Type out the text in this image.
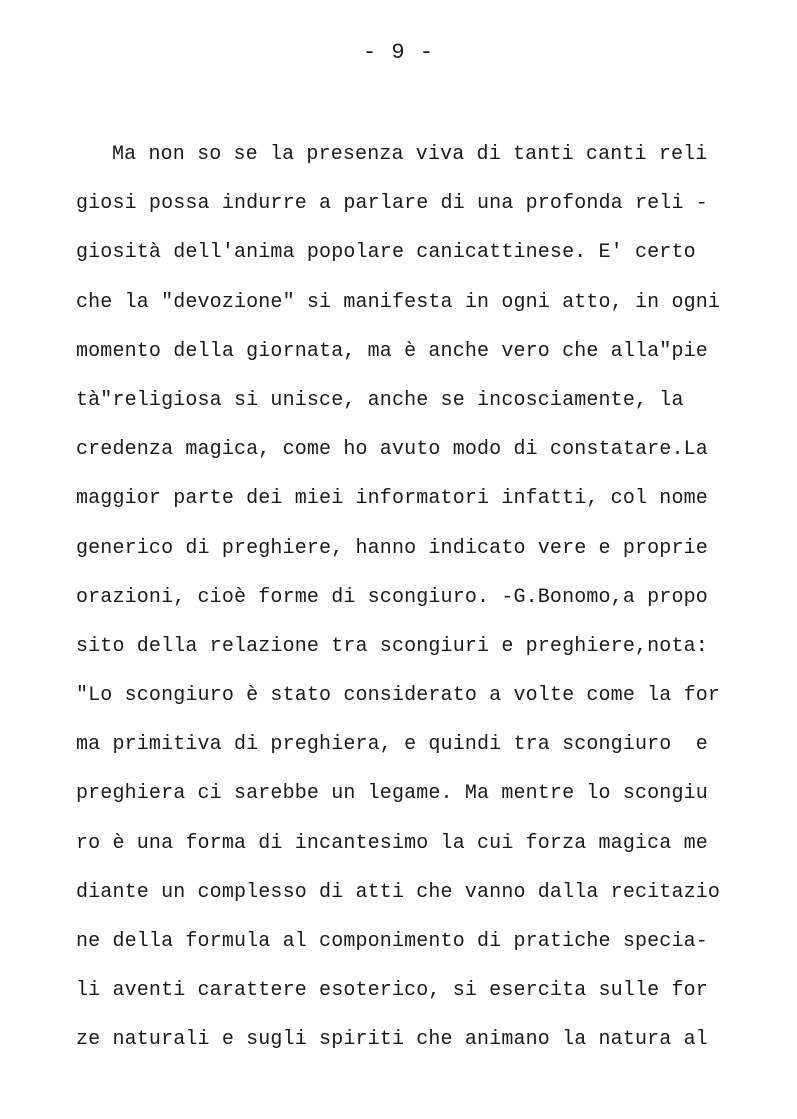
- 9 -
Ma non so se la presenza viva di tanti canti reli
giosi possa indurre a parlare di una profonda reli -
giosità dell'anima popolare canicattinese. E' certo
che la "devozione" si manifesta in ogni atto, in ogni
momento della giornata, ma è anche vero che alla"pie
tà"religiosa si unisce, anche se incosciamente, la
credenza magica, come ho avuto modo di constatare.La
maggior parte dei miei informatori infatti, col nome
generico di preghiere, hanno indicato vere e proprie
orazioni, cioè forme di scongiuro. -G.Bonomo,a propo
sito della relazione tra scongiuri e preghiere,nota:
"Lo scongiuro è stato considerato a volte come la for
ma primitiva di preghiera, e quindi tra scongiuro  e
preghiera ci sarebbe un legame. Ma mentre lo scongiu
ro è una forma di incantesimo la cui forza magica me
diante un complesso di atti che vanno dalla recitazio
ne della formula al componimento di pratiche specia-
li aventi carattere esoterico, si esercita sulle for
ze naturali e sugli spiriti che animano la natura al
